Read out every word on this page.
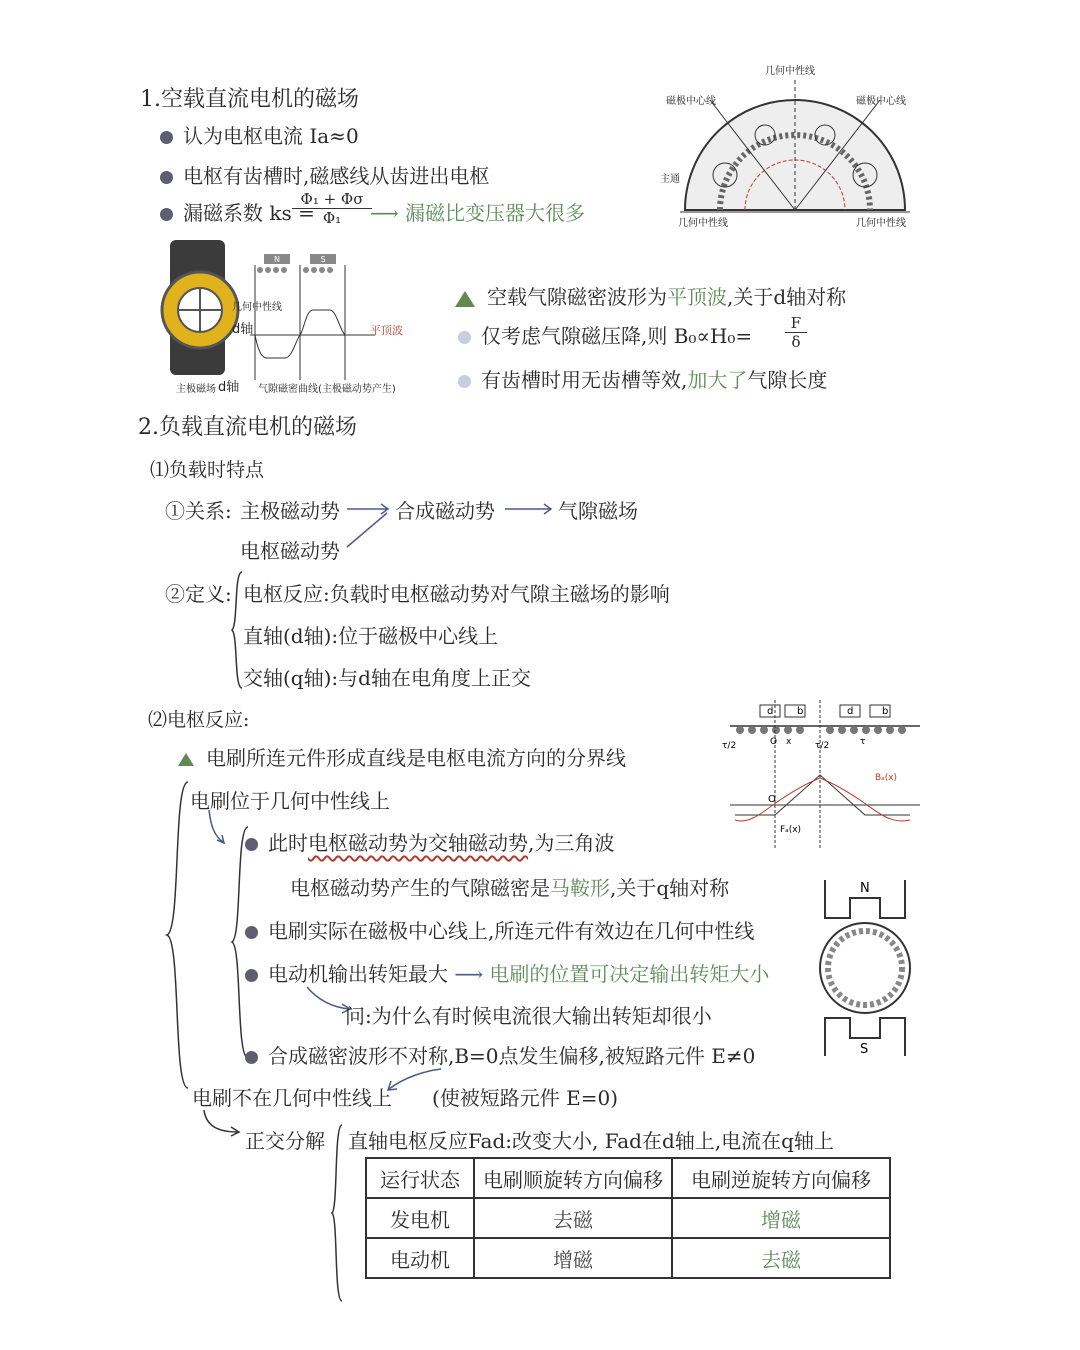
1.空载直流电机的磁场
认为电枢电流 Ia≈0
电枢有齿槽时,磁感线从齿进出电枢
漏磁系数 ks =
$\frac{\text{Φ₁ + Φσ}}{\text{Φ₁}}$
⟶ 漏磁比变压器大很多
N	S
几何中性线
d轴	平顶波
主极磁场 d轴 气隙磁密曲线(主极磁动势产生)
几何中性线
磁极中心线	磁极中心线
主通
几何中性线	几何中性线
空载气隙磁密波形为平顶波,关于d轴对称
仅考虑气隙磁压降,则 $B_0\propto H_0= \frac{F}{\delta}$
有齿槽时用无齿槽等效,加大了气隙长度
2.负载直流电机的磁场
⑴负载时特点
①关系: 主极磁动势	合成磁动势	气隙磁场
电枢磁动势
②定义: 电枢反应:负载时电枢磁动势对气隙主磁场的影响
直轴(d轴):位于磁极中心线上
交轴(q轴):与d轴在电角度上正交
⑵电枢反应:
电刷所连元件形成直线是电枢电流方向的分界线
电刷位于几何中性线上
此时电枢磁动势为交轴磁动势,为三角波
电枢磁动势产生的气隙磁密是马鞍形,关于q轴对称
电刷实际在磁极中心线上,所连元件有效边在几何中性线
电动机输出转矩最大 ⟶ 电刷的位置可决定输出转矩大小
问:为什么有时候电流很大输出转矩却很小
合成磁密波形不对称,B=0点发生偏移,被短路元件 E≠0
电刷不在几何中性线上 (使被短路元件 E=0)
正交分解 直轴电枢反应Fad:改变大小, Fad在d轴上,电流在q轴上
d b	d	b
τ/2	τ/2	τ
O
O
x
Bₐ(x)
Fₐ(x)
N
S
运行状态	电刷顺旋转方向偏移	电刷逆旋转方向偏移
发电机	去磁	增磁
电动机	增磁	去磁
